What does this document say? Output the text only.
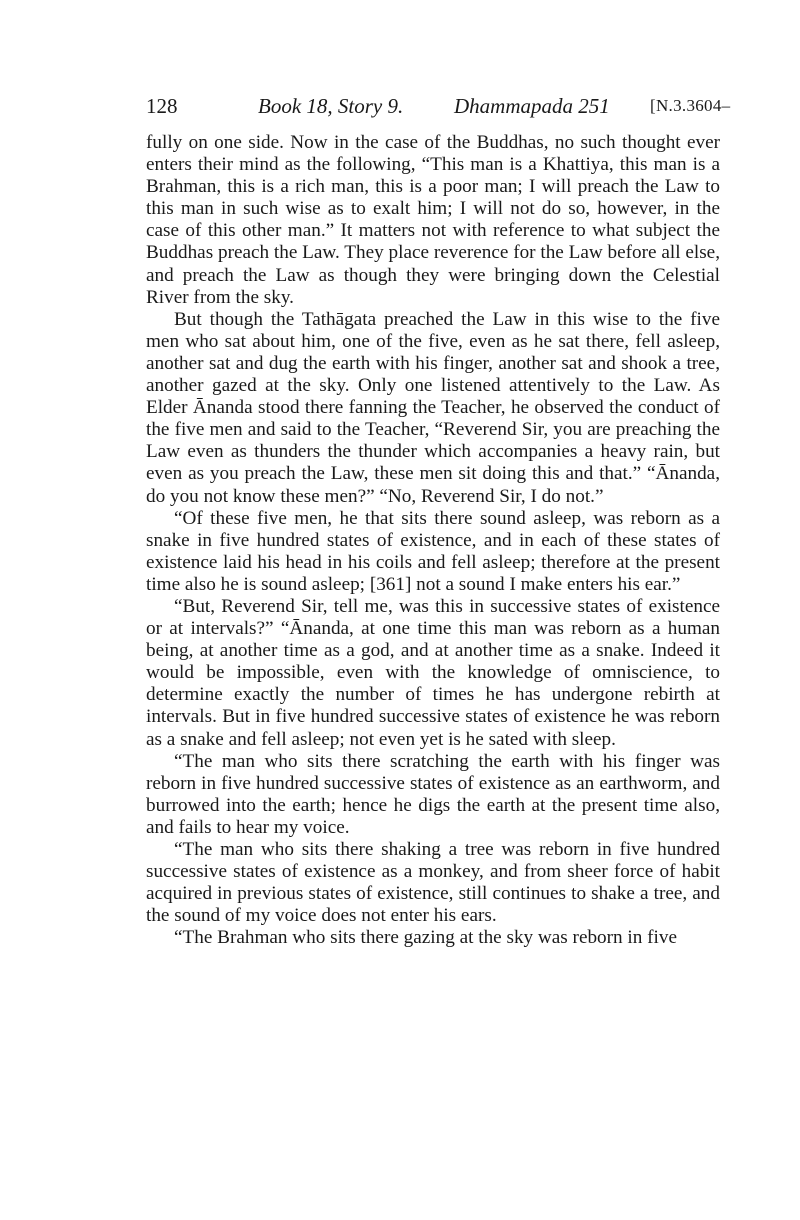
128	Book 18, Story 9. Dhammapada 251 [N.3.3604–

fully on one side. Now in the case of the Buddhas, no such thought ever enters their mind as the following, “This man is a Khattiya, this man is a Brahman, this is a rich man, this is a poor man; I will preach the Law to this man in such wise as to exalt him; I will not do so, however, in the case of this other man.” It matters not with reference to what subject the Buddhas preach the Law. They place reverence for the Law before all else, and preach the Law as though they were bringing down the Celestial River from the sky.

But though the Tathāgata preached the Law in this wise to the five men who sat about him, one of the five, even as he sat there, fell asleep, another sat and dug the earth with his finger, another sat and shook a tree, another gazed at the sky. Only one listened attentively to the Law. As Elder Ānanda stood there fanning the Teacher, he observed the conduct of the five men and said to the Teacher, “Reverend Sir, you are preaching the Law even as thunders the thunder which accompanies a heavy rain, but even as you preach the Law, these men sit doing this and that.” “Ānanda, do you not know these men?” “No, Reverend Sir, I do not.”

“Of these five men, he that sits there sound asleep, was reborn as a snake in five hundred states of existence, and in each of these states of existence laid his head in his coils and fell asleep; therefore at the present time also he is sound asleep; [361] not a sound I make enters his ear.”

“But, Reverend Sir, tell me, was this in successive states of existence or at intervals?” “Ānanda, at one time this man was reborn as a human being, at another time as a god, and at another time as a snake. Indeed it would be impossible, even with the knowledge of omniscience, to determine exactly the number of times he has undergone rebirth at intervals. But in five hundred successive states of existence he was reborn as a snake and fell asleep; not even yet is he sated with sleep.

“The man who sits there scratching the earth with his finger was reborn in five hundred successive states of existence as an earthworm, and burrowed into the earth; hence he digs the earth at the present time also, and fails to hear my voice.

“The man who sits there shaking a tree was reborn in five hundred successive states of existence as a monkey, and from sheer force of habit acquired in previous states of existence, still continues to shake a tree, and the sound of my voice does not enter his ears.

“The Brahman who sits there gazing at the sky was reborn in five
